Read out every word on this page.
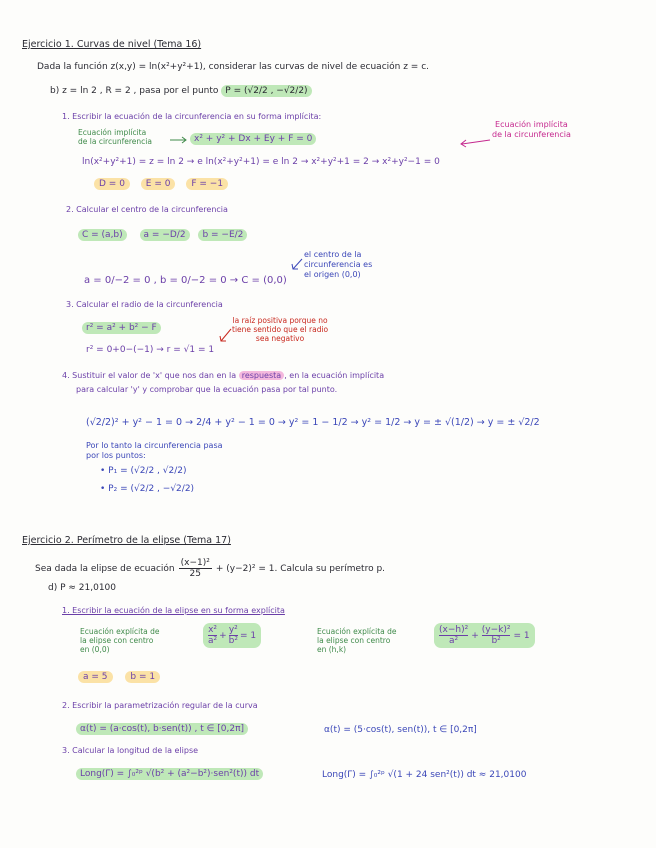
Ejercicio 1. Curvas de nivel (Tema 16)
Dada la función z(x,y) = ln(x²+y²+1), considerar las curvas de nivel de ecuación z = c.
b) z = ln 2 , R = 2 , pasa por el punto P = (√2/2 , −√2/2)
1. Escribir la ecuación de la circunferencia en su forma implícita:
Ecuación implícita
de la circunferencia	x² + y² + Dx + Ey + F = 0
Ecuación implícita
de la circunferencia
ln(x²+y²+1) = z = ln 2 → e ln(x²+y²+1) = e ln 2 → x²+y²+1 = 2 → x²+y²−1 = 0
D = 0 E = 0 F = −1
2. Calcular el centro de la circunferencia
C = (a,b) a = −D/2 b = −E/2
el centro de la
circunferencia es
el origen (0,0)
a = 0/−2 = 0 , b = 0/−2 = 0 → C = (0,0)
3. Calcular el radio de la circunferencia
r² = a² + b² − F
la raíz positiva porque no
tiene sentido que el radio
sea negativo
r² = 0+0−(−1) → r = √1 = 1
4. Sustituir el valor de 'x' que nos dan en la respuesta , en la ecuación implícita
para calcular 'y' y comprobar que la ecuación pasa por tal punto.
(√2/2)² + y² − 1 = 0 → 2/4 + y² − 1 = 0 → y² = 1 − 1/2 → y² = 1/2 → y = ± √(1/2) → y = ± √2/2
Por lo tanto la circunferencia pasa
por los puntos:
• P₁ = (√2/2 , √2/2)
• P₂ = (√2/2 , −√2/2)
Ejercicio 2. Perímetro de la elipse (Tema 17)
Sea dada la elipse de ecuación $\frac{\text{(x−1)²}}{25} + (y-2)^2 = 1$. Calcula su perímetro p.
d) P ≈ 21,0100
1. Escribir la ecuación de la elipse en su forma explícita
Ecuación explícita de
la elipse con centro
en (0,0)
$\frac{\text{x²}}{\text{a²}} + \frac{\text{y²}}{\text{b²}} = 1$	Ecuación explícita de
la elipse con centro
en (h,k)
$\frac{\text{(x−h)²}}{\text{a²}} + \frac{\text{(y−k)²}}{\text{b²}} = 1$
a = 5	b = 1
2. Escribir la parametrización regular de la curva
α(t) = (a·cos(t), b·sen(t)) , t ∈ [0,2π]	α(t) = (5·cos(t), sen(t)), t ∈ [0,2π]
3. Calcular la longitud de la elipse
Long(Γ) = ∫₀²ᵖ √(b² + (a²−b²)·sen²(t)) dt	Long(Γ) = ∫₀²ᵖ √(1 + 24 sen²(t)) dt ≈ 21,0100
